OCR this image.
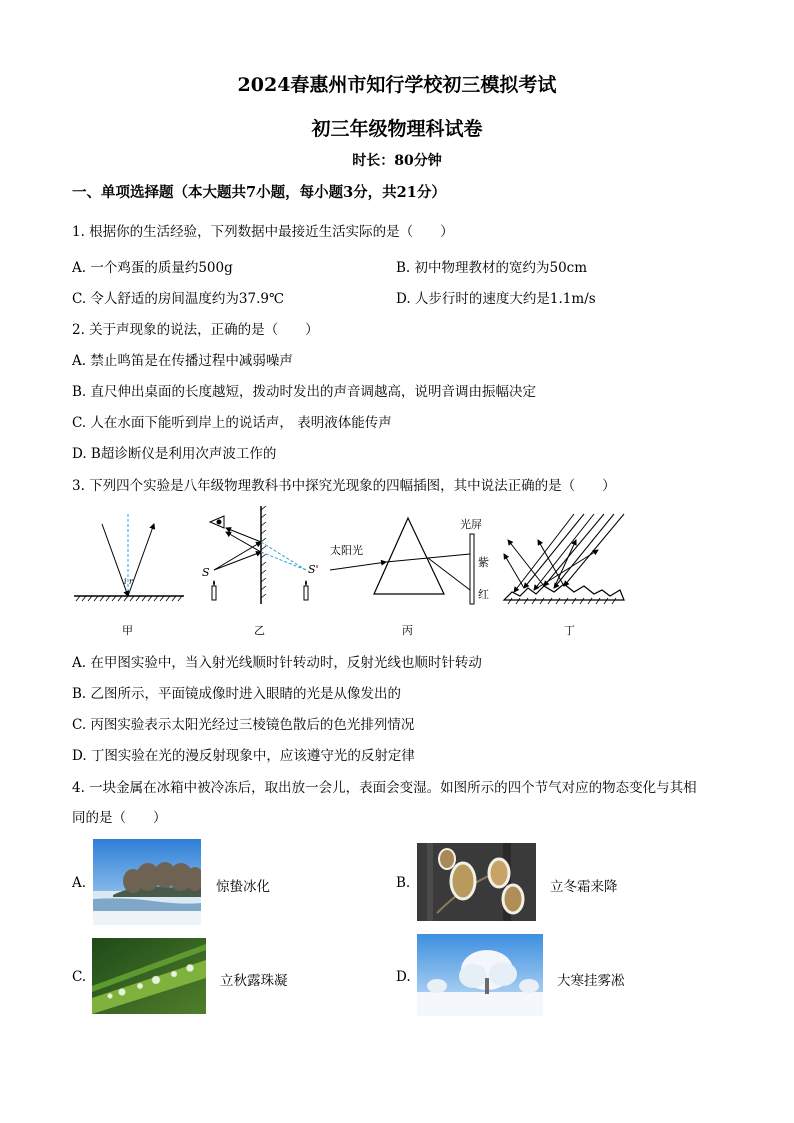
2024春惠州市知行学校初三模拟考试
初三年级物理科试卷
时长：80分钟
一、单项选择题（本大题共7小题，每小题3分，共21分）
1. 根据你的生活经验，下列数据中最接近生活实际的是（　　）
A. 一个鸡蛋的质量约500g	B. 初中物理教材的宽约为50cm
C. 令人舒适的房间温度约为37.9℃	D. 人步行时的速度大约是1.1m/s
2. 关于声现象的说法，正确的是（　　）
A. 禁止鸣笛是在传播过程中减弱噪声
B. 直尺伸出桌面的长度越短，拨动时发出的声音调越高，说明音调由振幅决定
C. 人在水面下能听到岸上的说话声， 表明液体能传声
D. B超诊断仪是利用次声波工作的
3. 下列四个实验是八年级物理教科书中探究光现象的四幅插图，其中说法正确的是（　　）
i r
S	S'
太阳光
光屏
紫
红
甲	乙	丙	丁
A. 在甲图实验中，当入射光线顺时针转动时，反射光线也顺时针转动
B. 乙图所示，平面镜成像时进入眼睛的光是从像发出的
C. 丙图实验表示太阳光经过三棱镜色散后的色光排列情况
D. 丁图实验在光的漫反射现象中，应该遵守光的反射定律
4. 一块金属在冰箱中被冷冻后，取出放一会儿，表面会变湿。如图所示的四个节气对应的物态变化与其相
同的是（　　）
A.	惊蛰冰化	B.	立冬霜来降
C.	立秋露珠凝	D.	大寒挂雾凇
